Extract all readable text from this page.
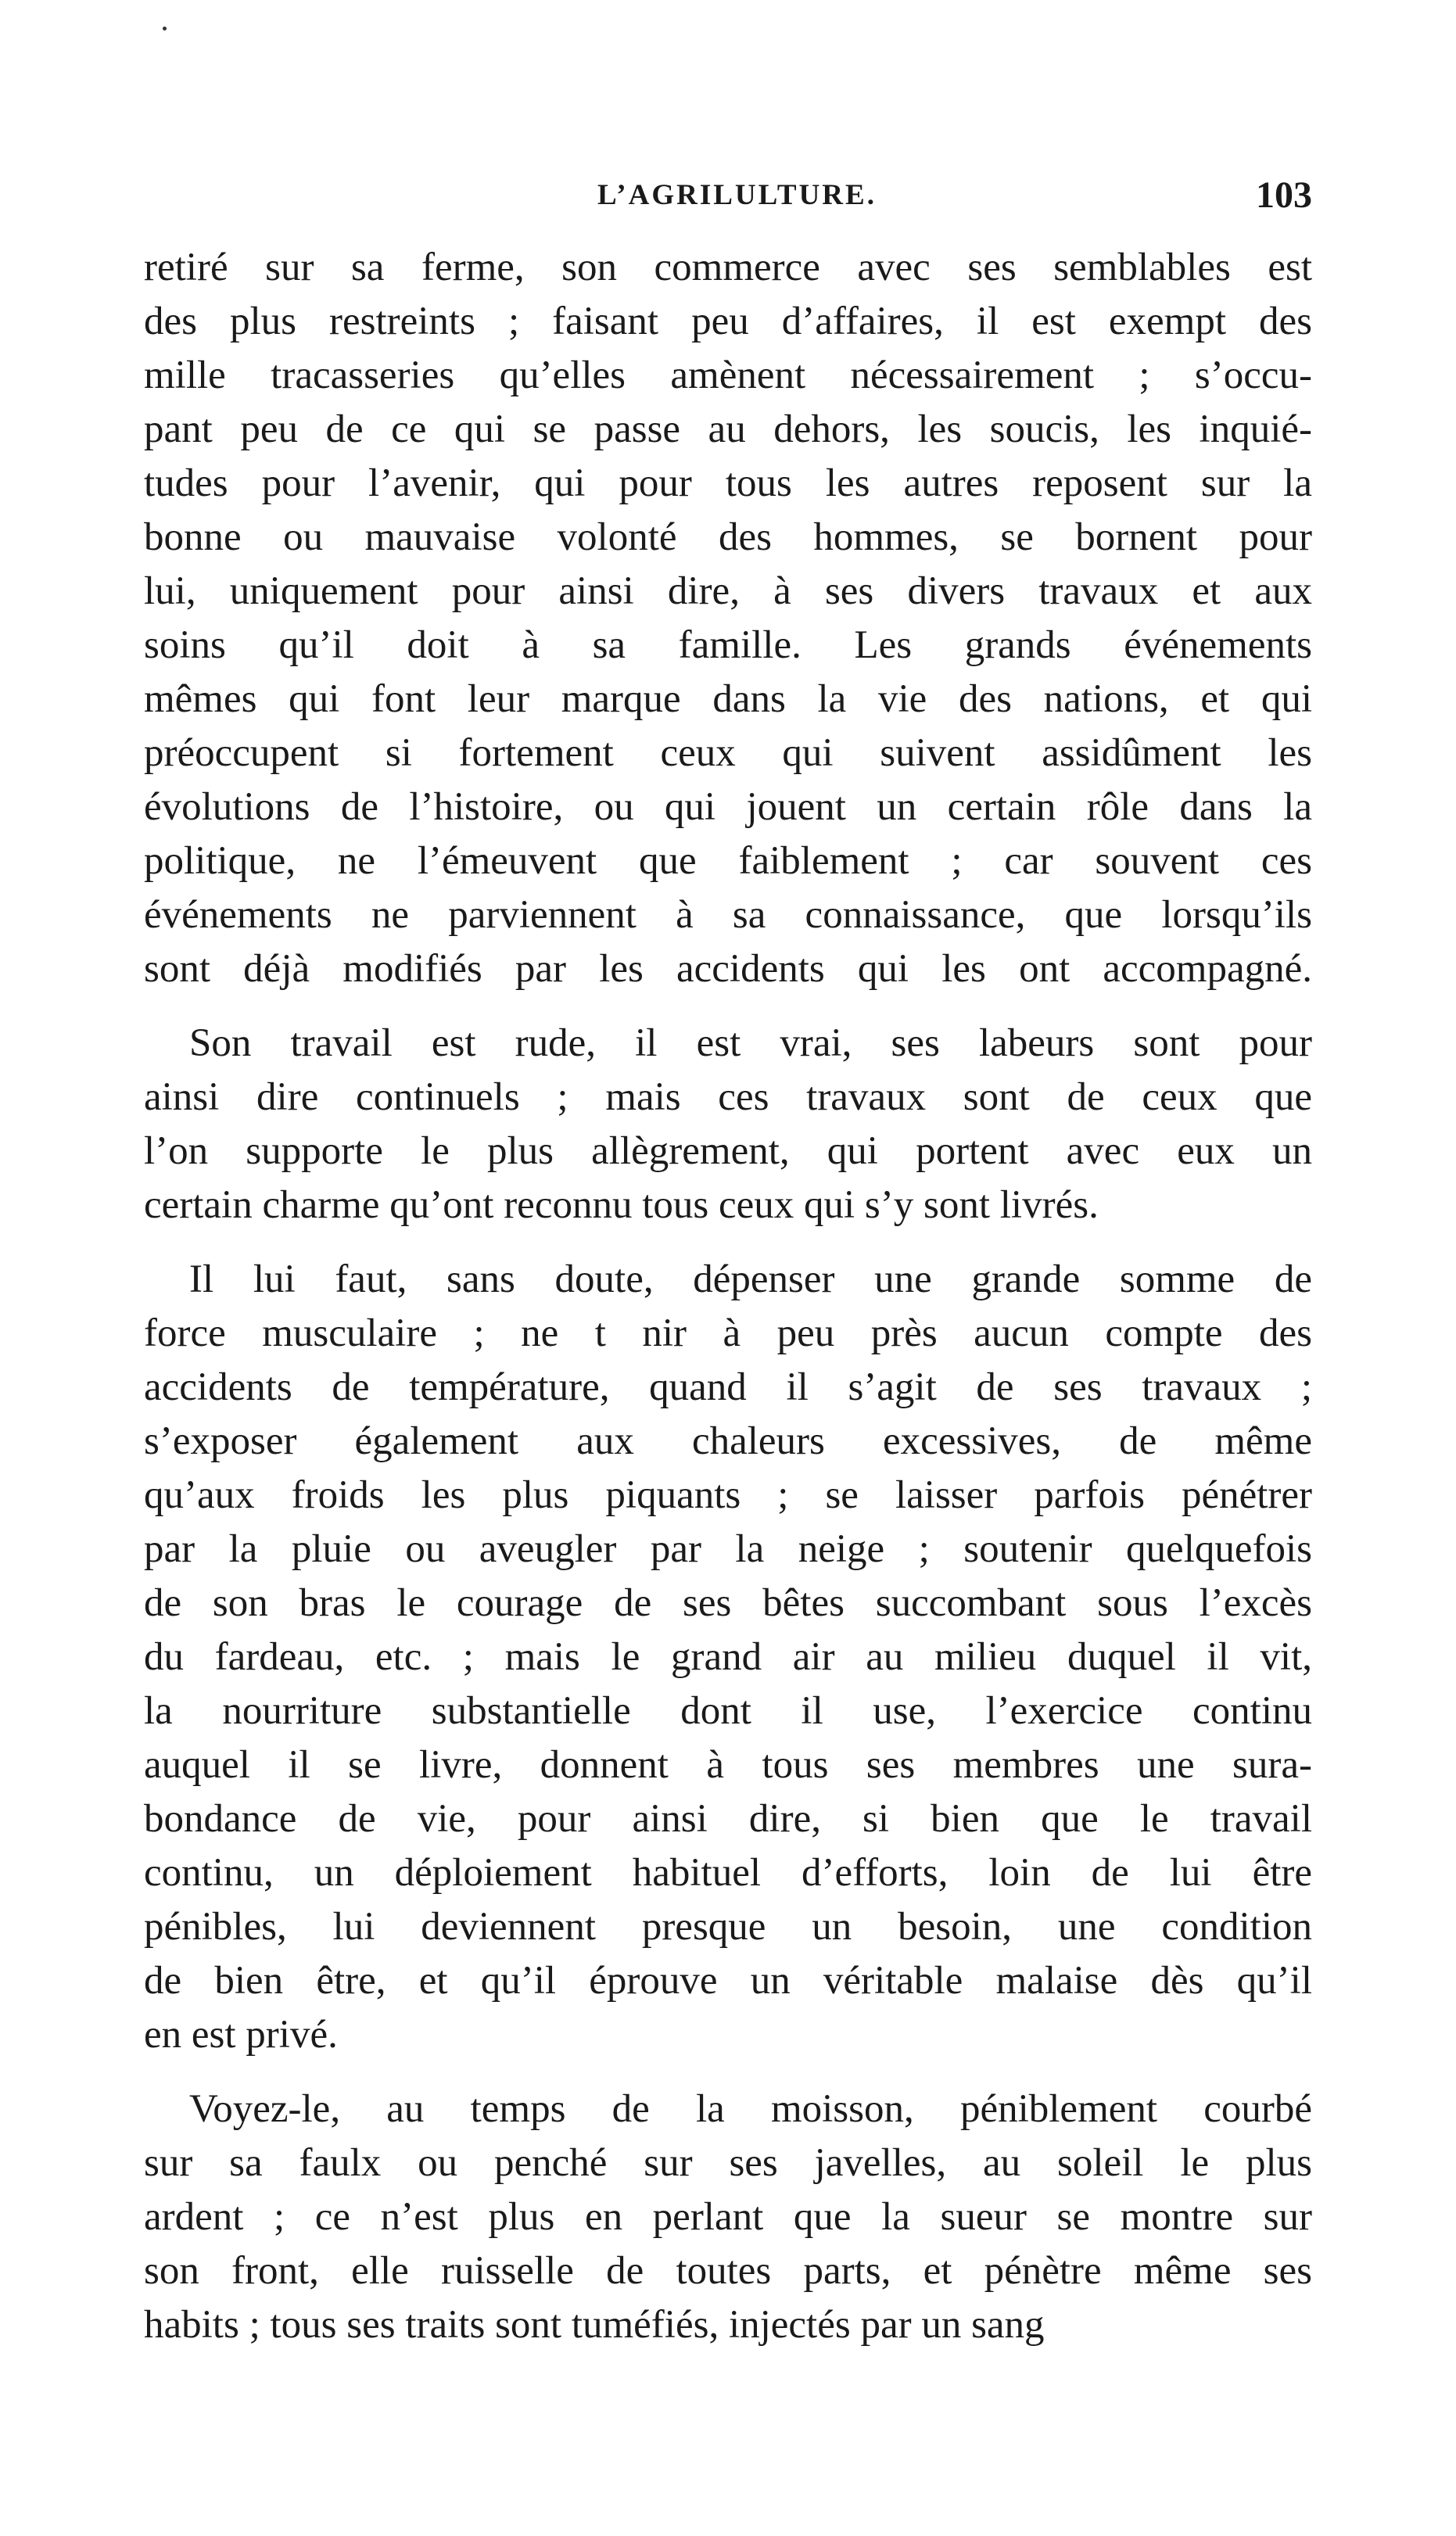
L’AGRILULTURE.	103
retiré sur sa ferme, son commerce avec ses semblables est
des plus restreints ; faisant peu d’affaires, il est exempt des
mille tracasseries qu’elles amènent nécessairement ; s’occu-
pant peu de ce qui se passe au dehors, les soucis, les inquié-
tudes pour l’avenir, qui pour tous les autres reposent sur la
bonne ou mauvaise volonté des hommes, se bornent pour
lui, uniquement pour ainsi dire, à ses divers travaux et aux
soins qu’il doit à sa famille. Les grands événements
mêmes qui font leur marque dans la vie des nations, et qui
préoccupent si fortement ceux qui suivent assidûment les
évolutions de l’histoire, ou qui jouent un certain rôle dans la
politique, ne l’émeuvent que faiblement ; car souvent ces
événements ne parviennent à sa connaissance, que lorsqu’ils
sont déjà modifiés par les accidents qui les ont accompagné.
Son travail est rude, il est vrai, ses labeurs sont pour
ainsi dire continuels ; mais ces travaux sont de ceux que
l’on supporte le plus allègrement, qui portent avec eux un
certain charme qu’ont reconnu tous ceux qui s’y sont livrés.
Il lui faut, sans doute, dépenser une grande somme de
force musculaire ; ne t nir à peu près aucun compte des
accidents de température, quand il s’agit de ses travaux ;
s’exposer également aux chaleurs excessives, de même
qu’aux froids les plus piquants ; se laisser parfois pénétrer
par la pluie ou aveugler par la neige ; soutenir quelquefois
de son bras le courage de ses bêtes succombant sous l’excès
du fardeau, etc. ; mais le grand air au milieu duquel il vit,
la nourriture substantielle dont il use, l’exercice continu
auquel il se livre, donnent à tous ses membres une sura-
bondance de vie, pour ainsi dire, si bien que le travail
continu, un déploiement habituel d’efforts, loin de lui être
pénibles, lui deviennent presque un besoin, une condition
de bien être, et qu’il éprouve un véritable malaise dès qu’il
en est privé.
Voyez-le, au temps de la moisson, péniblement courbé
sur sa faulx ou penché sur ses javelles, au soleil le plus
ardent ; ce n’est plus en perlant que la sueur se montre sur
son front, elle ruisselle de toutes parts, et pénètre même ses
habits ; tous ses traits sont tuméfiés, injectés par un sang
